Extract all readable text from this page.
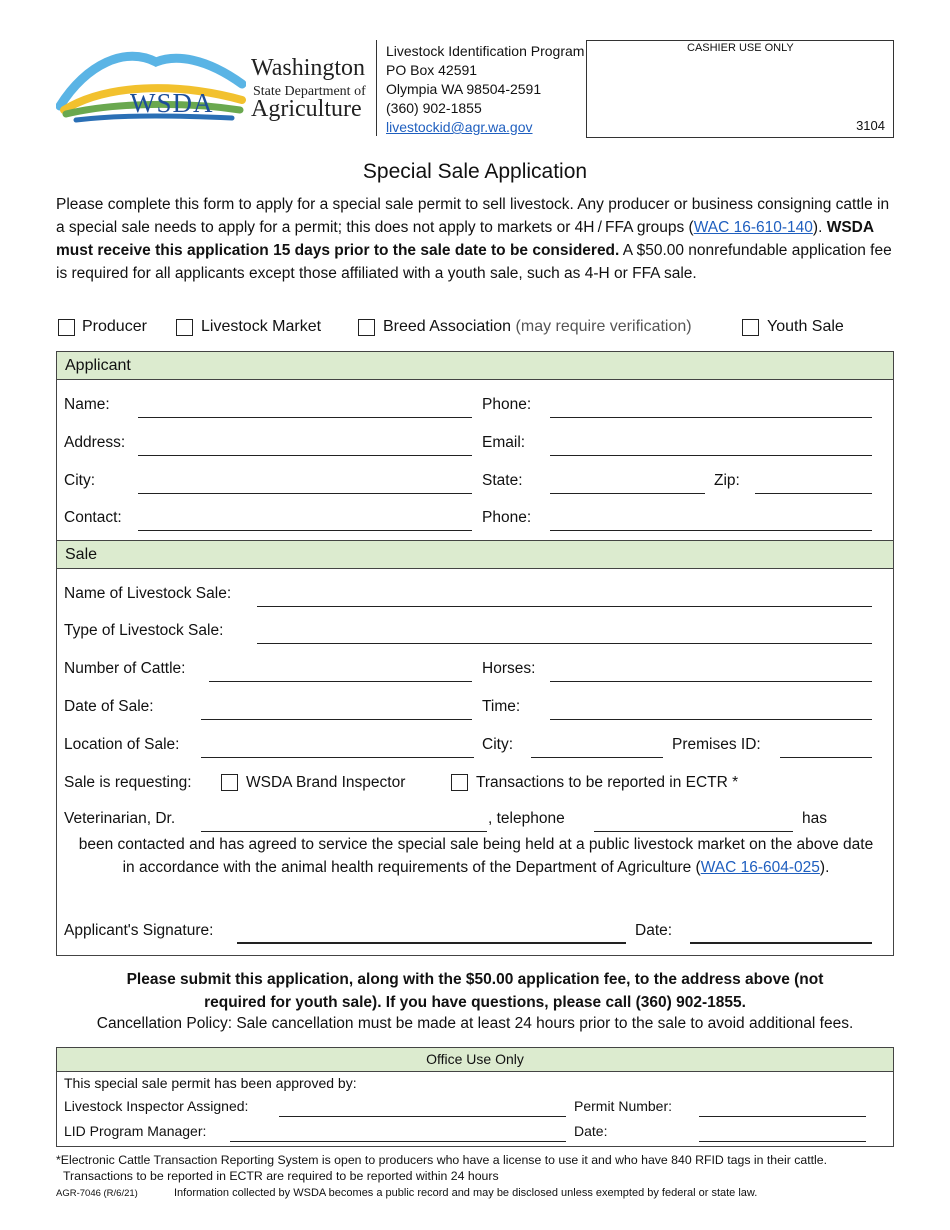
WSDA
Washington
State Department of
Agriculture
Livestock Identification Program
PO Box 42591
Olympia WA 98504-2591
(360) 902-1855
livestockid@agr.wa.gov
CASHIER USE ONLY
3104
Special Sale Application
Please complete this form to apply for a special sale permit to sell livestock. Any producer or business consigning cattle in a special sale needs to apply for a permit; this does not apply to markets or 4H / FFA groups (WAC 16-610-140). WSDA must receive this application 15 days prior to the sale date to be considered. A $50.00 nonrefundable application fee is required for all applicants except those affiliated with a youth sale, such as 4-H or FFA sale.
Producer	Livestock Market	Breed Association (may require verification)	Youth Sale
Applicant
Name:	Phone:
Address:	Email:
City:	State:	Zip:
Contact:	Phone:
Sale
Name of Livestock Sale:
Type of Livestock Sale:
Number of Cattle:	Horses:
Date of Sale:	Time:
Location of Sale:	City:	Premises ID:
Sale is requesting:	WSDA Brand Inspector	Transactions to be reported in ECTR *
Veterinarian, Dr.	, telephone	has
been contacted and has agreed to service the special sale being held at a public livestock market on the above date in accordance with the animal health requirements of the Department of Agriculture (WAC 16-604-025).
Applicant's Signature:	Date:
Please submit this application, along with the $50.00 application fee, to the address above (not required for youth sale). If you have questions, please call (360) 902-1855.
Cancellation Policy: Sale cancellation must be made at least 24 hours prior to the sale to avoid additional fees.
Office Use Only
This special sale permit has been approved by:
Livestock Inspector Assigned:	Permit Number:
LID Program Manager:	Date:
*Electronic Cattle Transaction Reporting System is open to producers who have a license to use it and who have 840 RFID tags in their cattle.
Transactions to be reported in ECTR are required to be reported within 24 hours
AGR-7046 (R/6/21)	Information collected by WSDA becomes a public record and may be disclosed unless exempted by federal or state law.
